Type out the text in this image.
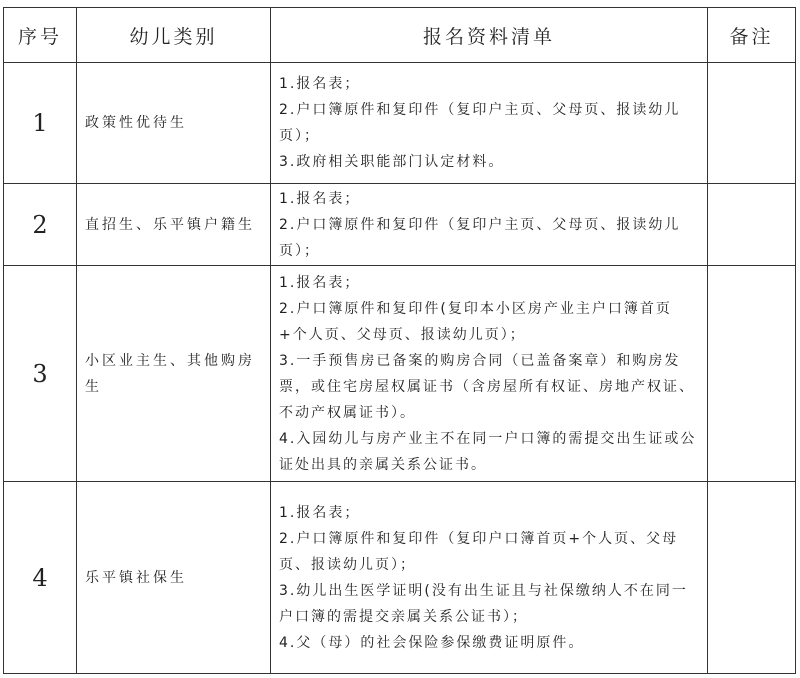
序号	幼儿类别	报名资料清单	备注
1	政策性优待生	1.报名表；
2.户口簿原件和复印件（复印户主页、父母页、报读幼儿页）；
3.政府相关职能部门认定材料。	

2	直招生、乐平镇户籍生	1.报名表；
2.户口簿原件和复印件（复印户主页、父母页、报读幼儿页）；	

3	小区业主生、其他购房生	1.报名表；
2.户口簿原件和复印件(复印本小区房产业主户口簿首页+个人页、父母页、报读幼儿页）；
3.一手预售房已备案的购房合同（已盖备案章）和购房发票，或住宅房屋权属证书（含房屋所有权证、房地产权证、不动产权属证书）。
4.入园幼儿与房产业主不在同一户口簿的需提交出生证或公证处出具的亲属关系公证书。	

4	乐平镇社保生	1.报名表；
2.户口簿原件和复印件（复印户口簿首页+个人页、父母页、报读幼儿页）；
3.幼儿出生医学证明(没有出生证且与社保缴纳人不在同一户口簿的需提交亲属关系公证书）；
4.父（母）的社会保险参保缴费证明原件。	
